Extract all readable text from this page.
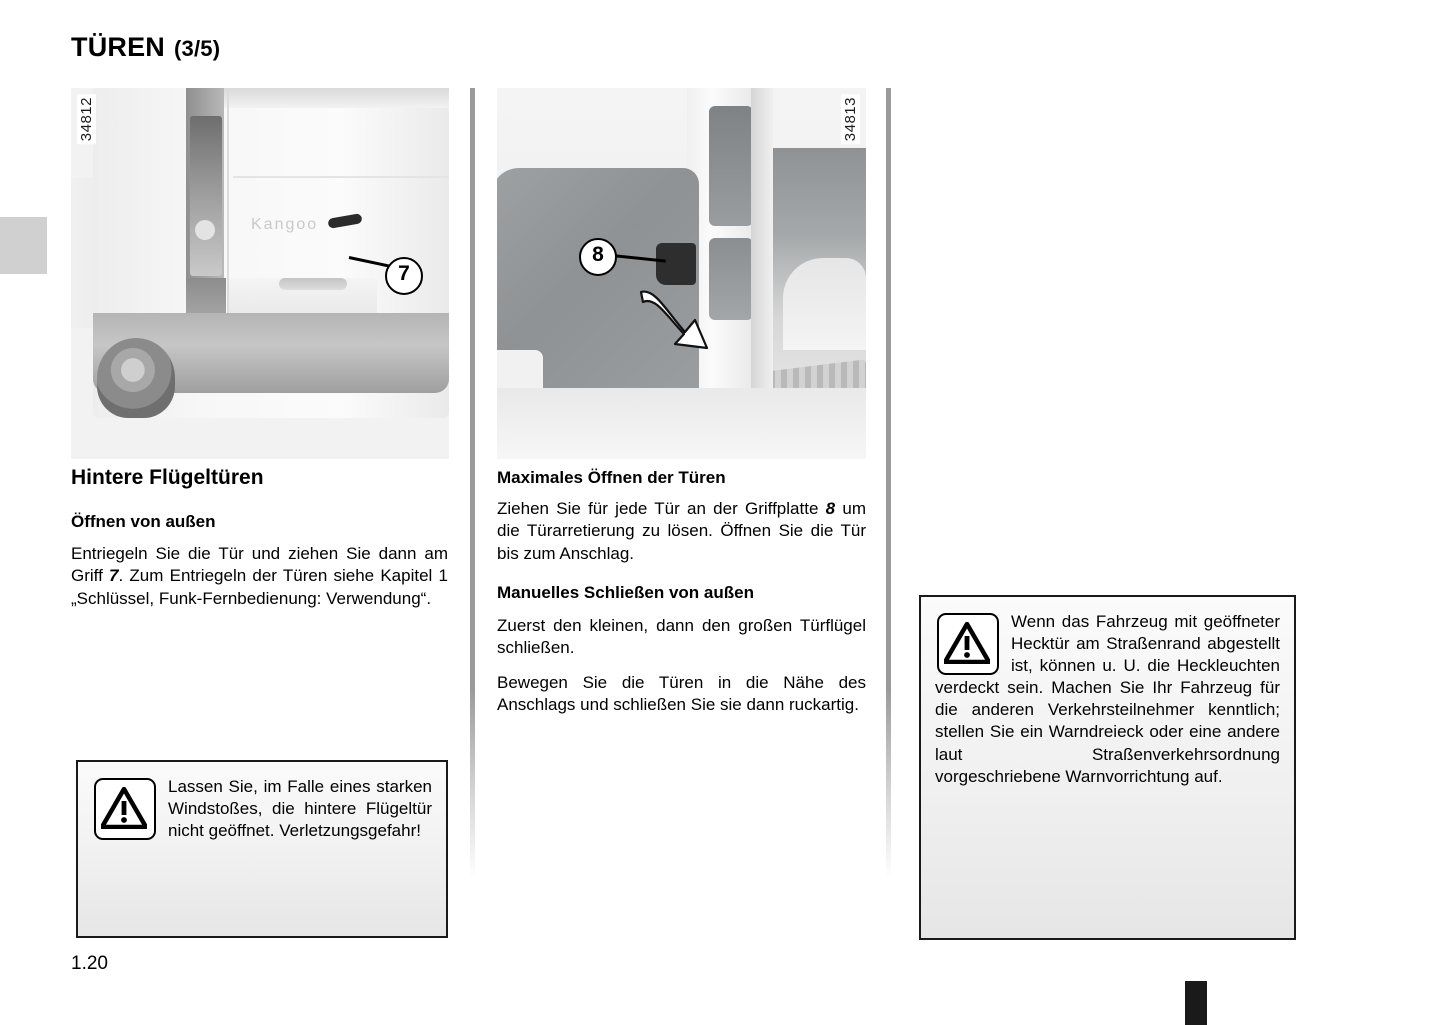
TÜREN (3/5)
34812
Kangoo
7
8
34813
Hintere Flügeltüren
Öffnen von außen
Entriegeln Sie die Tür und ziehen Sie dann am Griff 7. Zum Entriegeln der Türen siehe Kapitel 1 „Schlüssel, Funk-Fernbedienung: Verwendung“.
Maximales Öffnen der Türen
Ziehen Sie für jede Tür an der Griffplatte 8 um die Türarretierung zu lösen. Öffnen Sie die Tür bis zum Anschlag.
Manuelles Schließen von außen
Zuerst den kleinen, dann den großen Türflügel schließen.
Bewegen Sie die Türen in die Nähe des Anschlags und schließen Sie sie dann ruckartig.
Lassen Sie, im Falle eines starken Windstoßes, die hintere Flügeltür nicht geöffnet. Verletzungsgefahr!
Wenn das Fahrzeug mit geöffneter Hecktür am Straßenrand abgestellt ist, können u. U. die Heckleuchten verdeckt sein. Machen Sie Ihr Fahrzeug für die anderen Verkehrsteilnehmer kenntlich; stellen Sie ein Warndreieck oder eine andere laut Straßenverkehrsordnung vorgeschriebene Warnvorrichtung auf.
1.20
